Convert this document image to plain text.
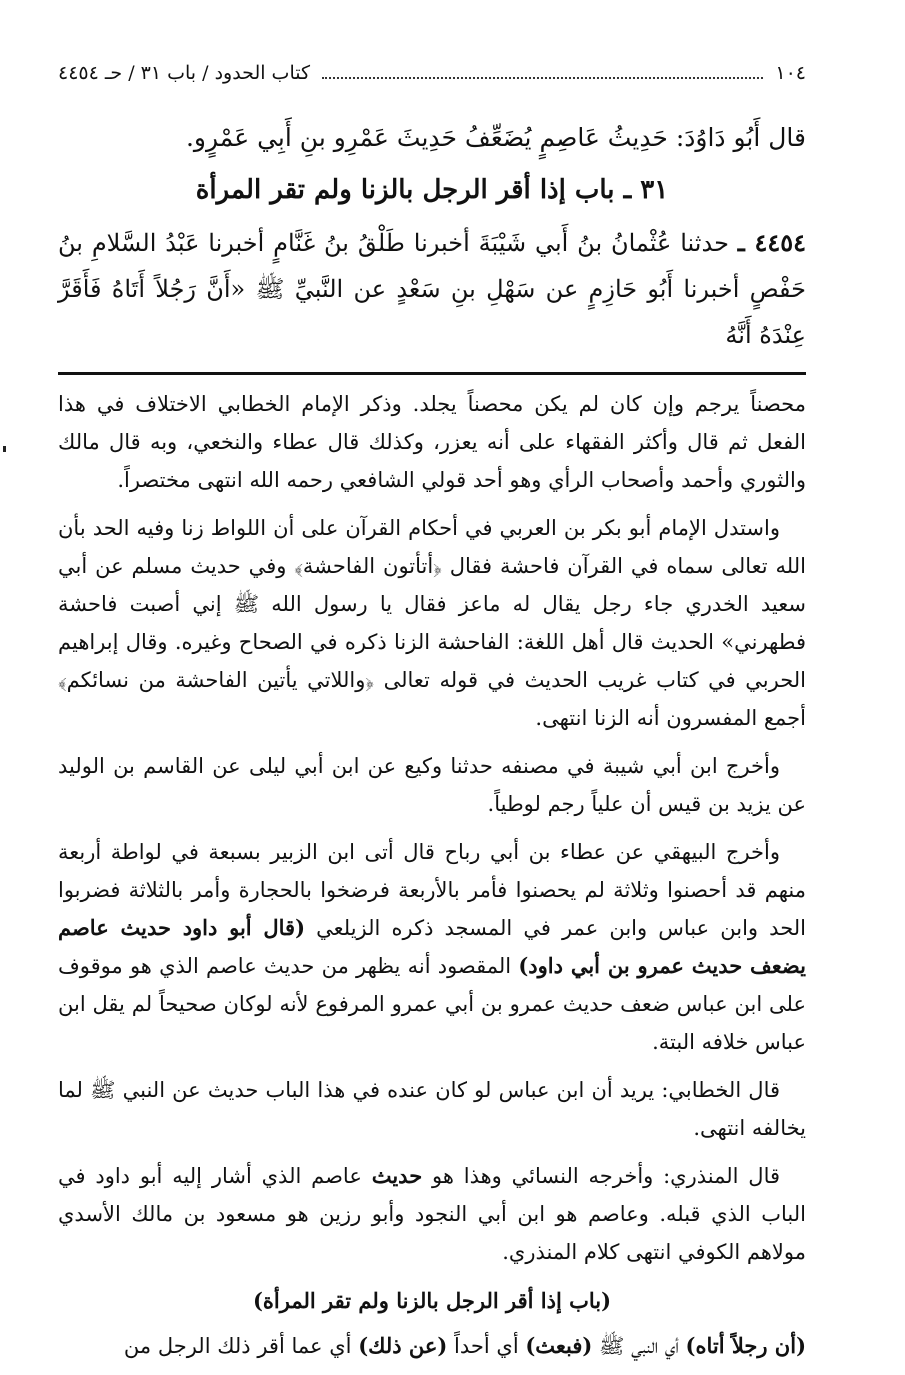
١٠٤
كتاب الحدود / باب ٣١ / حـ ٤٤٥٤

قال أَبُو دَاوُدَ: حَدِيثُ عَاصِمٍ يُضَعِّفُ حَدِيثَ عَمْرِو بنِ أَبِي عَمْرٍو.

٣١ ـ باب إذا أقر الرجل بالزنا ولم تقر المرأة
٤٤٥٤ ـ حدثنا عُثْمانُ بنُ أَبي شَيْبَةَ أخبرنا طَلْقُ بنُ غَنَّامٍ أخبرنا عَبْدُ السَّلامِ بنُ حَفْصٍ أخبرنا أَبُو حَازِمٍ عن سَهْلِ بنِ سَعْدٍ عن النَّبيِّ ﷺ «أَنَّ رَجُلاً أَتَاهُ فَأَقَرَّ عِنْدَهُ أَنَّهُ

محصناً يرجم وإن كان لم يكن محصناً يجلد. وذكر الإمام الخطابي الاختلاف في هذا الفعل ثم قال وأكثر الفقهاء على أنه يعزر، وكذلك قال عطاء والنخعي، وبه قال مالك والثوري وأحمد وأصحاب الرأي وهو أحد قولي الشافعي رحمه الله انتهى مختصراً.

واستدل الإمام أبو بكر بن العربي في أحكام القرآن على أن اللواط زنا وفيه الحد بأن الله تعالى سماه في القرآن فاحشة فقال ﴿أتأتون الفاحشة﴾ وفي حديث مسلم عن أبي سعيد الخدري جاء رجل يقال له ماعز فقال يا رسول الله ﷺ إني أصبت فاحشة فطهرني» الحديث قال أهل اللغة: الفاحشة الزنا ذكره في الصحاح وغيره. وقال إبراهيم الحربي في كتاب غريب الحديث في قوله تعالى ﴿واللاتي يأتين الفاحشة من نسائكم﴾ أجمع المفسرون أنه الزنا انتهى.

وأخرج ابن أبي شيبة في مصنفه حدثنا وكيع عن ابن أبي ليلى عن القاسم بن الوليد عن يزيد بن قيس أن علياً رجم لوطياً.

وأخرج البيهقي عن عطاء بن أبي رباح قال أتى ابن الزبير بسبعة في لواطة أربعة منهم قد أحصنوا وثلاثة لم يحصنوا فأمر بالأربعة فرضخوا بالحجارة وأمر بالثلاثة فضربوا الحد وابن عباس وابن عمر في المسجد ذكره الزيلعي (قال أبو داود حديث عاصم يضعف حديث عمرو بن أبي داود) المقصود أنه يظهر من حديث عاصم الذي هو موقوف على ابن عباس ضعف حديث عمرو بن أبي عمرو المرفوع لأنه لوكان صحيحاً لم يقل ابن عباس خلافه البتة.

قال الخطابي: يريد أن ابن عباس لو كان عنده في هذا الباب حديث عن النبي ﷺ لما يخالفه انتهى.

قال المنذري: وأخرجه النسائي وهذا هو حديث عاصم الذي أشار إليه أبو داود في الباب الذي قبله. وعاصم هو ابن أبي النجود وأبو رزين هو مسعود بن مالك الأسدي مولاهم الكوفي انتهى كلام المنذري.

(باب إذا أقر الرجل بالزنا ولم تقر المرأة)

(أن رجلاً أتاه) أي النبي ﷺ (فبعث) أي أحداً (عن ذلك) أي عما أقر ذلك الرجل من
